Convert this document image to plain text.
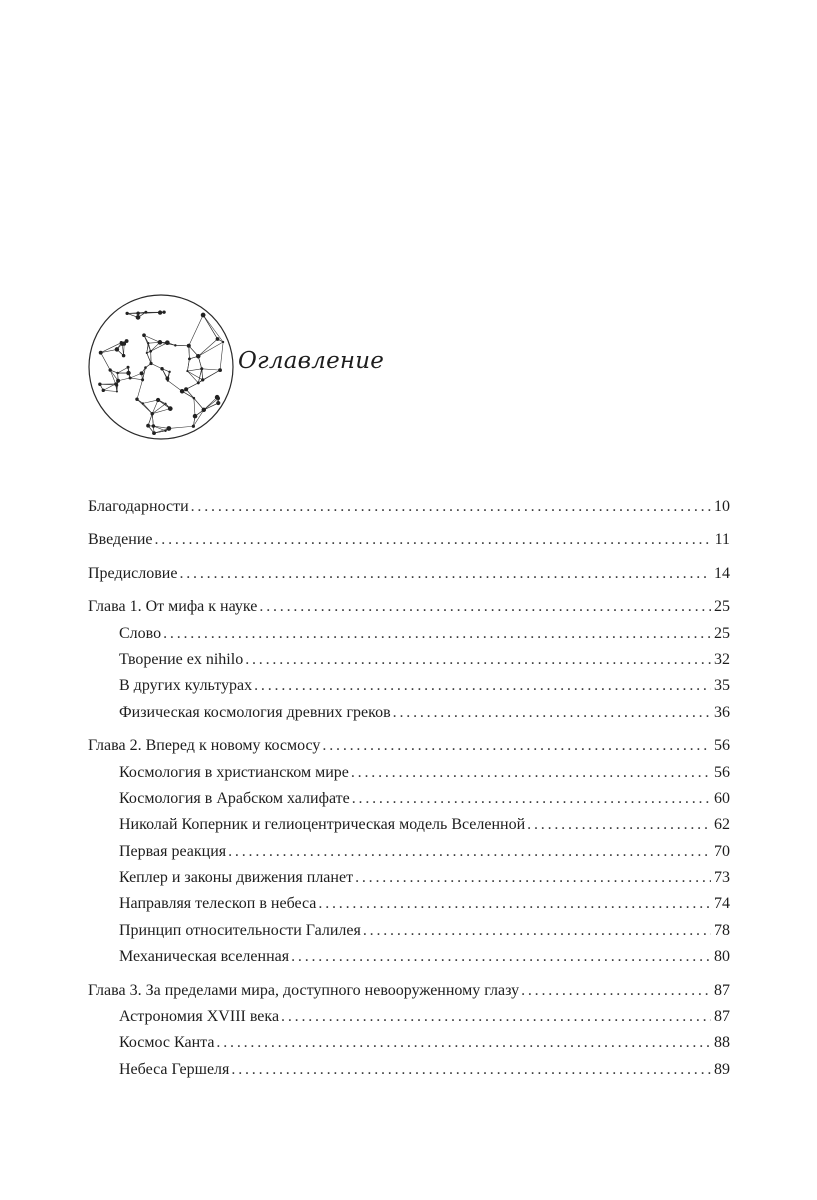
Оглавление
Благодарности . . .	10
Введение . . .	11
Предисловие . . .	14
Глава 1. От мифа к науке . . .	25
Слово . . .	25
Творение ex nihilo . . .	32
В других культурах . . .	35
Физическая космология древних греков . . .	36
Глава 2. Вперед к новому космосу . . .	56
Космология в христианском мире . . .	56
Космология в Арабском халифате . . .	60
Николай Коперник и гелиоцентрическая модель Вселенной . . .	62
Первая реакция . . .	70
Кеплер и законы движения планет . . .	73
Направляя телескоп в небеса . . .	74
Принцип относительности Галилея . . .	78
Механическая вселенная . . .	80
Глава 3. За пределами мира, доступного невооруженному глазу . . .	87
Астрономия XVIII века . . .	87
Космос Канта . . .	88
Небеса Гершеля . . .	89
